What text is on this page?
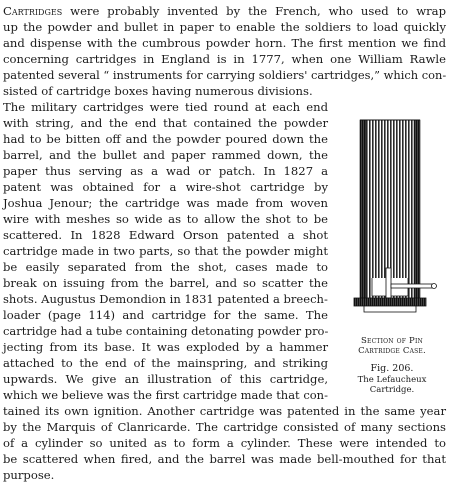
Cartridges were probably invented by the French, who used to wrap
up the powder and bullet in paper to enable the soldiers to load quickly
and dispense with the cumbrous powder horn. The first mention we find
concerning cartridges in England is in 1777, when one William Rawle
patented several “ instruments for carrying soldiers' cartridges,” which con-
sisted of cartridge boxes having numerous divisions.
The military cartridges were tied round at each end
with string, and the end that contained the powder
had to be bitten off and the powder poured down the
barrel, and the bullet and paper rammed down, the
paper thus serving as a wad or patch. In 1827 a
patent was obtained for a wire-shot cartridge by
Joshua Jenour; the cartridge was made from woven
wire with meshes so wide as to allow the shot to be
scattered. In 1828 Edward Orson patented a shot
cartridge made in two parts, so that the powder might
be easily separated from the shot, cases made to
break on issuing from the barrel, and so scatter the
shots. Augustus Demondion in 1831 patented a breech-
loader (page 114) and cartridge for the same. The
cartridge had a tube containing detonating powder pro-
jecting from its base. It was exploded by a hammer
attached to the end of the mainspring, and striking
upwards. We give an illustration of this cartridge,
which we believe was the first cartridge made that con-
tained its own ignition. Another cartridge was patented in the same year
by the Marquis of Clanricarde. The cartridge consisted of many sections
of a cylinder so united as to form a cylinder. These were intended to
be scattered when fired, and the barrel was made bell-mouthed for that
purpose.
Section of Pin
Cartridge Case.
Fig. 206.
The Lefaucheux
Cartridge.
